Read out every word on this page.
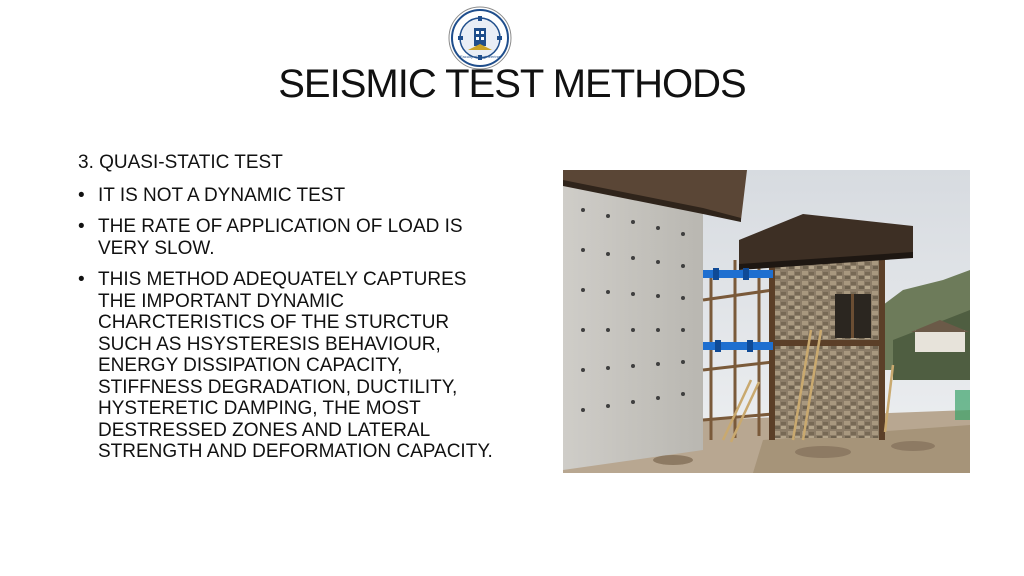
Faculty of Engineering
SEISMIC TEST METHODS

3. QUASI-STATIC TEST

• IT IS NOT A DYNAMIC TEST
• THE RATE OF APPLICATION OF LOAD IS VERY SLOW.
• THIS METHOD ADEQUATELY CAPTURES THE IMPORTANT DYNAMIC CHARCTERISTICS OF THE STURCTUR SUCH AS HSYSTERESIS BEHAVIOUR, ENERGY DISSIPATION CAPACITY, STIFFNESS DEGRADATION, DUCTILITY, HYSTERETIC DAMPING, THE MOST DESTRESSED ZONES AND LATERAL STRENGTH AND DEFORMATION CAPACITY.
